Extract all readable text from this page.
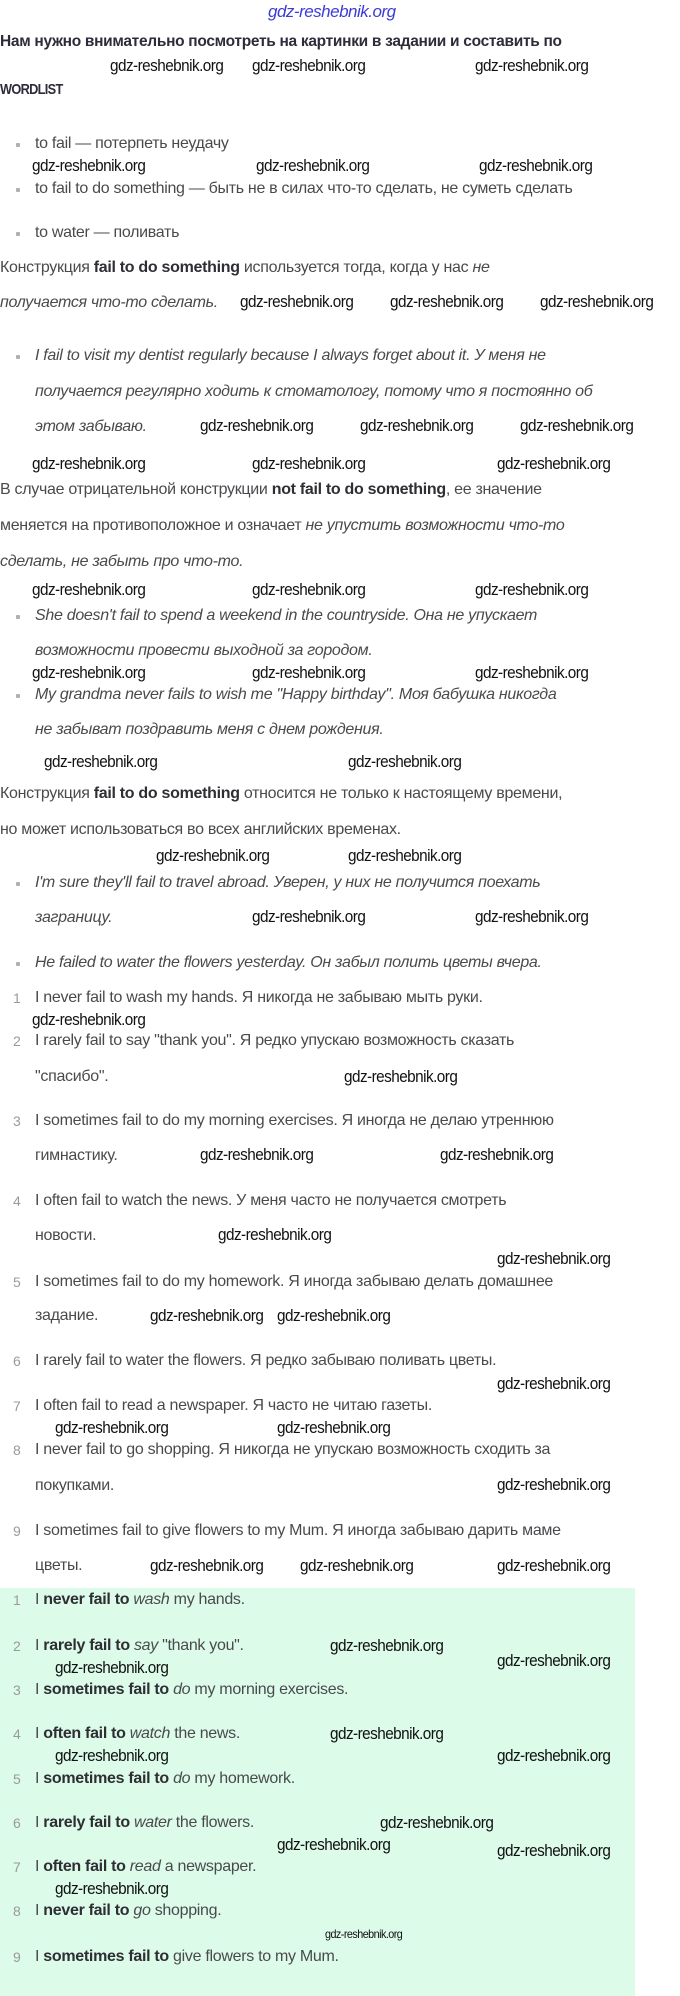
gdz-reshebnik.org
Нам нужно внимательно посмотреть на картинки в задании и составить по
WORDLIST
to fail — потерпеть неудачу
to fail to do something — быть не в силах что-то сделать, не суметь сделать
to water — поливать
Конструкция fail to do something используется тогда, когда у нас не
получается что-то сделать.
I fail to visit my dentist regularly because I always forget about it. У меня не
получается регулярно ходить к стоматологу, потому что я постоянно об
этом забываю.
В случае отрицательной конструкции not fail to do something, ее значение
меняется на противоположное и означает не упустить возможности что-то
сделать, не забыть про что-то.
She doesn't fail to spend a weekend in the countryside. Она не упускает
возможности провести выходной за городом.
My grandma never fails to wish me "Happy birthday". Моя бабушка никогда
не забыват поздравить меня с днем рождения.
Конструкция fail to do something относится не только к настоящему времени,
но может использоваться во всех английских временах.
I'm sure they'll fail to travel abroad. Уверен, у них не получится поехать
заграницу.
He failed to water the flowers yesterday. Он забыл полить цветы вчера.
I never fail to wash my hands. Я никогда не забываю мыть руки.
1
I rarely fail to say "thank you". Я редко упускаю возможность сказать
2
"спасибо".
I sometimes fail to do my morning exercises. Я иногда не делаю утреннюю
3
гимнастику.
I often fail to watch the news. У меня часто не получается смотреть
4
новости.
I sometimes fail to do my homework. Я иногда забываю делать домашнее
5
задание.
I rarely fail to water the flowers. Я редко забываю поливать цветы.
6
I often fail to read a newspaper. Я часто не читаю газеты.
7
I never fail to go shopping. Я никогда не упускаю возможность сходить за
8
покупками.
I sometimes fail to give flowers to my Mum. Я иногда забываю дарить маме
9
цветы.
I never fail to wash my hands.
1
I rarely fail to say "thank you".
2
I sometimes fail to do my morning exercises.
3
I often fail to watch the news.
4
I sometimes fail to do my homework.
5
I rarely fail to water the flowers.
6
I often fail to read a newspaper.
7
I never fail to go shopping.
8
I sometimes fail to give flowers to my Mum.
9
gdz-reshebnik.org gdz-reshebnik.org	gdz-reshebnik.org
gdz-reshebnik.org	gdz-reshebnik.org	gdz-reshebnik.org
gdz-reshebnik.org gdz-reshebnik.org gdz-reshebnik.org
gdz-reshebnik.org	gdz-reshebnik.org	gdz-reshebnik.org
gdz-reshebnik.org	gdz-reshebnik.org	gdz-reshebnik.org
gdz-reshebnik.org	gdz-reshebnik.org	gdz-reshebnik.org
gdz-reshebnik.org	gdz-reshebnik.org	gdz-reshebnik.org
gdz-reshebnik.org	gdz-reshebnik.org
gdz-reshebnik.org	gdz-reshebnik.org
gdz-reshebnik.org	gdz-reshebnik.org
gdz-reshebnik.org
gdz-reshebnik.org
gdz-reshebnik.org	gdz-reshebnik.org
gdz-reshebnik.org
gdz-reshebnik.org
gdz-reshebnik.org gdz-reshebnik.org
gdz-reshebnik.org
gdz-reshebnik.org	gdz-reshebnik.org
gdz-reshebnik.org
gdz-reshebnik.org gdz-reshebnik.org	gdz-reshebnik.org
gdz-reshebnik.org
gdz-reshebnik.org	gdz-reshebnik.org
gdz-reshebnik.org
gdz-reshebnik.org	gdz-reshebnik.org
gdz-reshebnik.org
gdz-reshebnik.org	gdz-reshebnik.org
gdz-reshebnik.org
gdz-reshebnik.org
